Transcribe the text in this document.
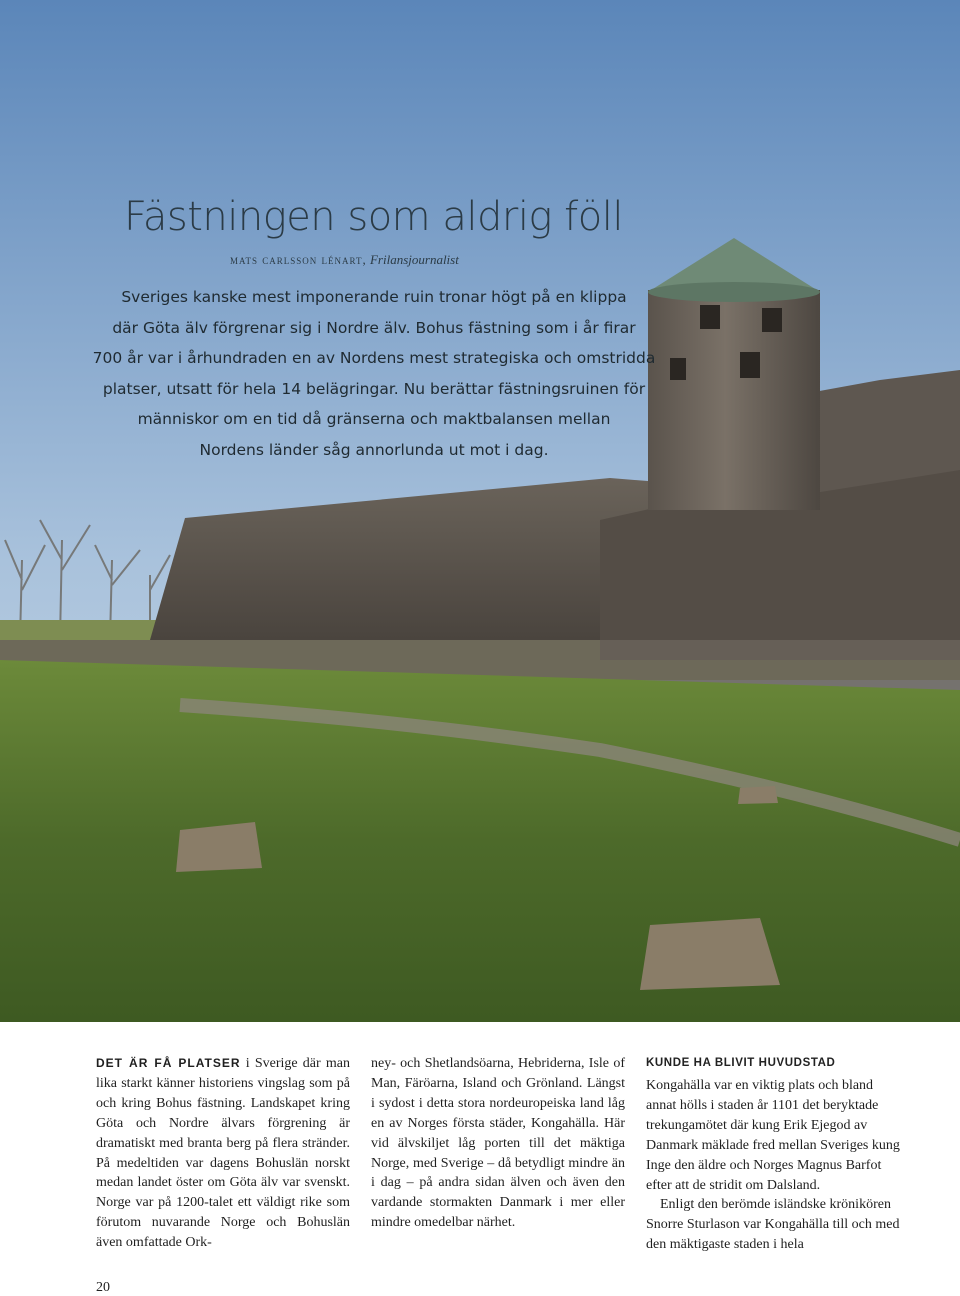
Fästningen som aldrig föll
mats carlsson lénart, Frilansjournalist
Sveriges kanske mest imponerande ruin tronar högt på en klippa
där Göta älv förgrenar sig i Nordre älv. Bohus fästning som i år firar
700 år var i århundraden en av Nordens mest strategiska och omstridda
platser, utsatt för hela 14 belägringar. Nu berättar fästningsruinen för
människor om en tid då gränserna och maktbalansen mellan
Nordens länder såg annorlunda ut mot i dag.

DET ÄR FÅ PLATSER i Sverige där man lika starkt känner historiens vingslag som på och kring Bohus fästning. Landskapet kring Göta och Nordre älvars förgrening är dramatiskt med branta berg på flera stränder. På medeltiden var dagens Bohuslän norskt medan landet öster om Göta älv var svenskt. Norge var på 1200-talet ett väldigt rike som förutom nuvarande Norge och Bohuslän även omfattade Ork-

ney- och Shetlandsöarna, Hebriderna, Isle of Man, Färöarna, Island och Grönland. Längst i sydost i detta stora nordeuropeiska land låg en av Norges första städer, Kongahälla. Här vid älvskiljet låg porten till det mäktiga Norge, med Sverige – då betydligt mindre än i dag – på andra sidan älven och även den vardande stormakten Danmark i mer eller mindre omedelbar närhet.

KUNDE HA BLIVIT HUVUDSTAD

Kongahälla var en viktig plats och bland annat hölls i staden år 1101 det beryktade trekungamötet där kung Erik Ejegod av Danmark mäklade fred mellan Sveriges kung Inge den äldre och Norges Magnus Barfot efter att de stridit om Dalsland.

Enligt den berömde isländske krönikören Snorre Sturlason var Kongahälla till och med den mäktigaste staden i hela

20
